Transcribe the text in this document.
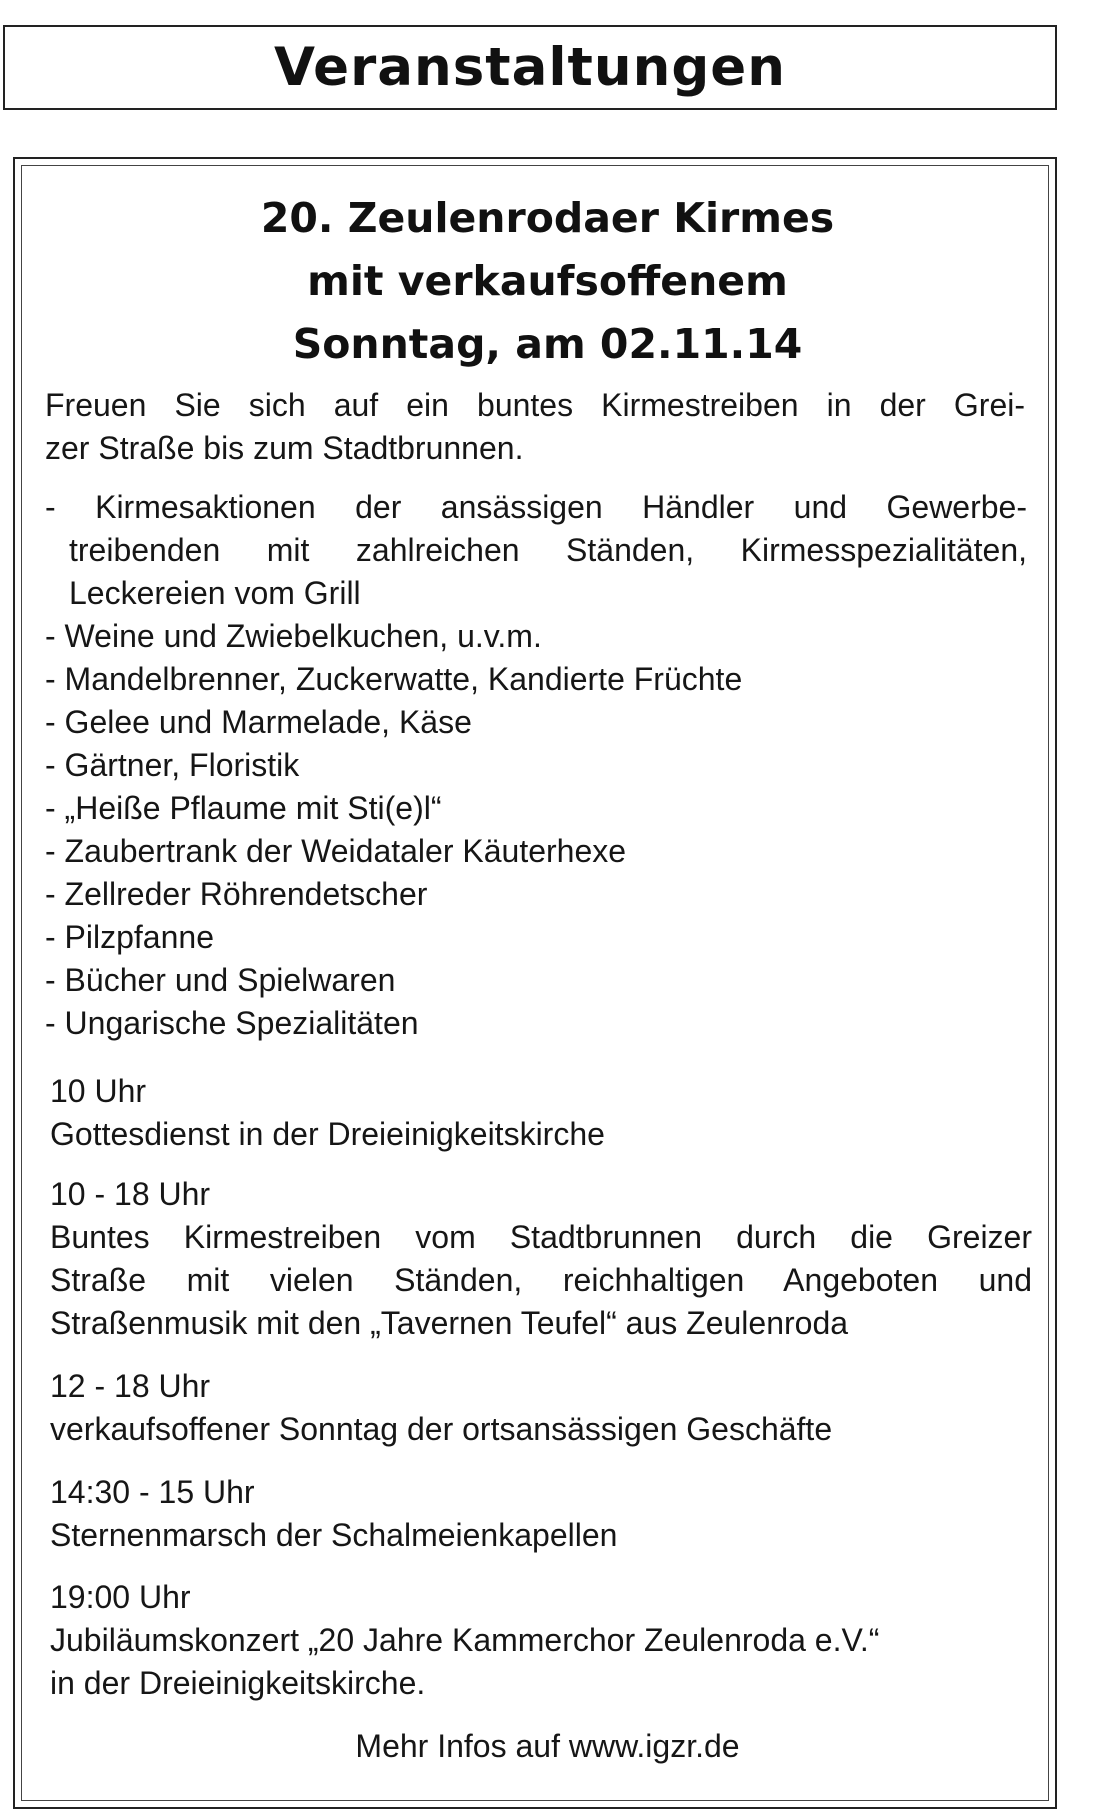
Veranstaltungen
20. Zeulenrodaer Kirmes
mit verkaufsoffenem
Sonntag, am 02.11.14
Freuen Sie sich auf ein buntes Kirmestreiben in der Grei-
zer Straße bis zum Stadtbrunnen.
- Kirmesaktionen der ansässigen Händler und Gewerbe-
treibenden mit zahlreichen Ständen, Kirmesspezialitäten,
Leckereien vom Grill
- Weine und Zwiebelkuchen, u.v.m.
- Mandelbrenner, Zuckerwatte, Kandierte Früchte
- Gelee und Marmelade, Käse
- Gärtner, Floristik
- „Heiße Pflaume mit Sti(e)l“
- Zaubertrank der Weidataler Käuterhexe
- Zellreder Röhrendetscher
- Pilzpfanne
- Bücher und Spielwaren
- Ungarische Spezialitäten
10 Uhr
Gottesdienst in der Dreieinigkeitskirche
10 - 18 Uhr
Buntes Kirmestreiben vom Stadtbrunnen durch die Greizer
Straße mit vielen Ständen, reichhaltigen Angeboten und
Straßenmusik mit den „Tavernen Teufel“ aus Zeulenroda
12 - 18 Uhr
verkaufsoffener Sonntag der ortsansässigen Geschäfte
14:30 - 15 Uhr
Sternenmarsch der Schalmeienkapellen
19:00 Uhr
Jubiläumskonzert „20 Jahre Kammerchor Zeulenroda e.V.“
in der Dreieinigkeitskirche.
Mehr Infos auf www.igzr.de
